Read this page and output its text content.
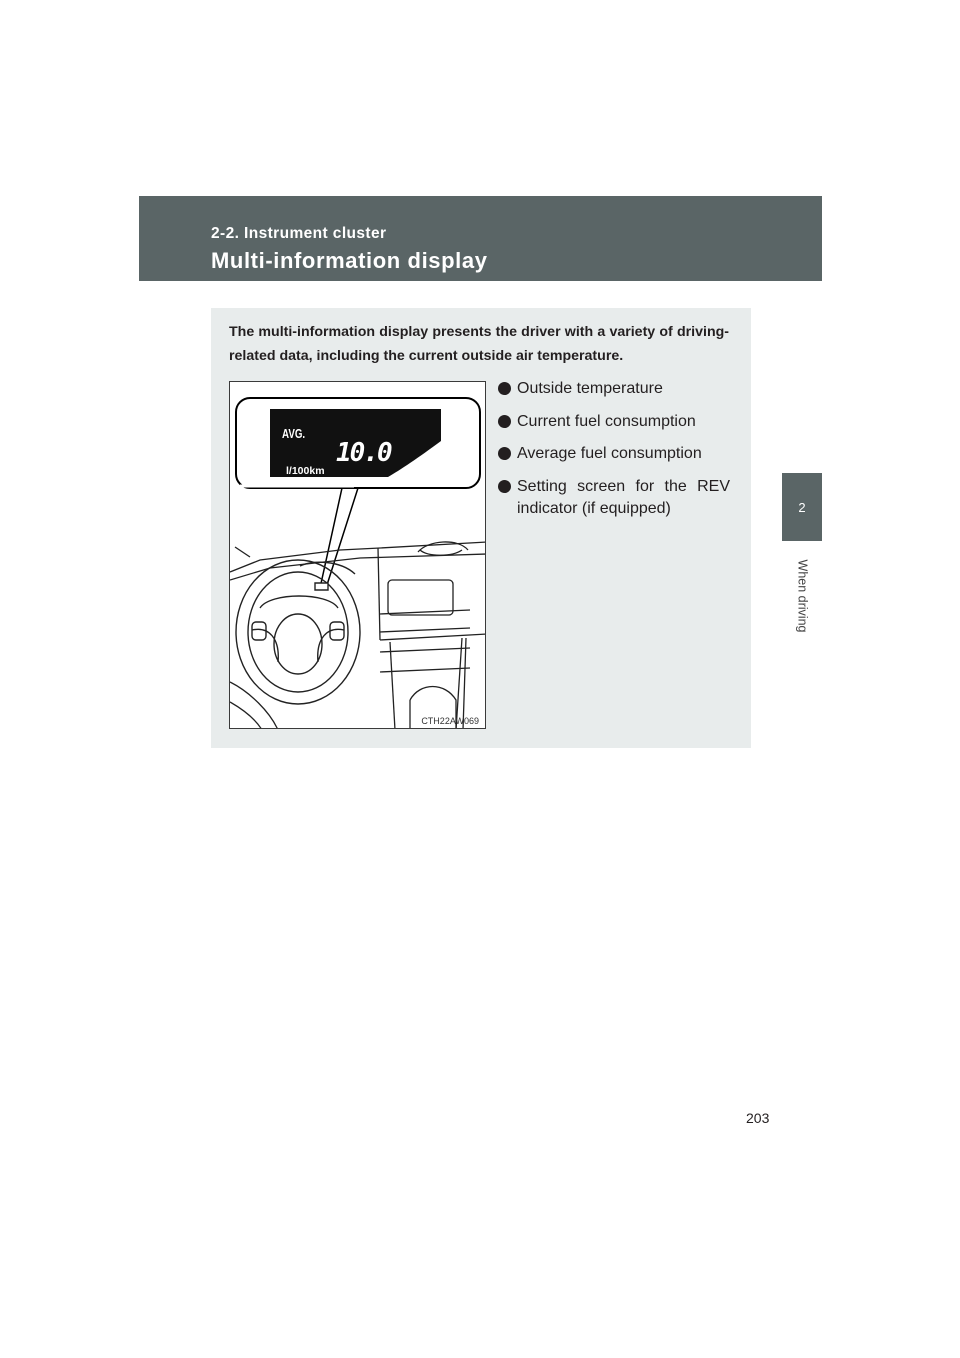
2-2. Instrument cluster
Multi-information display
2
When driving
The multi-information display presents the driver with a variety of driving-related data, including the current outside air temperature.
AVG.
10.0
l/100km
CTH22AW069
Outside temperature
Current fuel consumption
Average fuel consumption
Setting screen for the REV indicator (if equipped)
203
